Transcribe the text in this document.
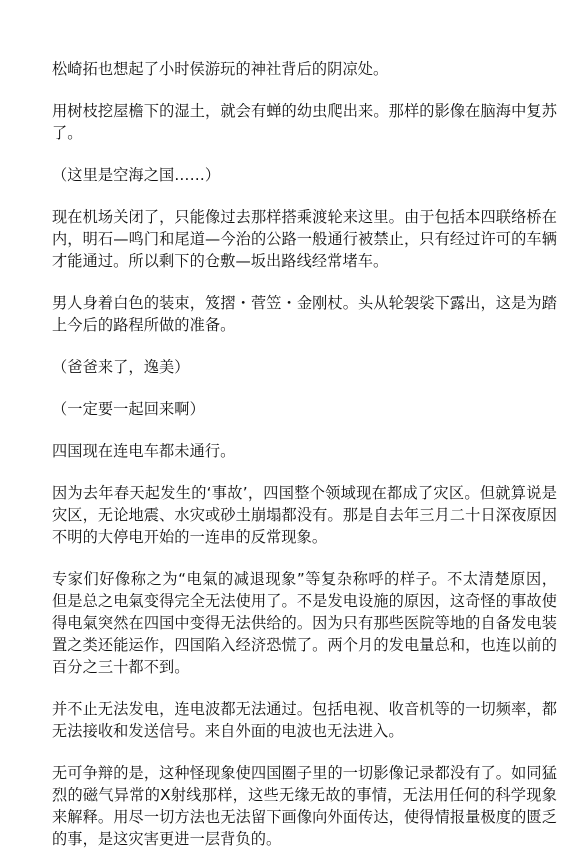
松崎拓也想起了小时侯游玩的神社背后的阴凉处。

用树枝挖屋檐下的湿土，就会有蝉的幼虫爬出来。那样的影像在脑海中复苏了。

（这里是空海之国……）

现在机场关闭了，只能像过去那样搭乘渡轮来这里。由于包括本四联络桥在内，明石—鸣门和尾道—今治的公路一般通行被禁止，只有经过许可的车辆才能通过。所以剩下的仓敷—坂出路线经常堵车。

男人身着白色的装束，笈摺・菅笠・金刚杖。头从轮袈裟下露出，这是为踏上今后的路程所做的准备。

（爸爸来了，逸美）

（一定要一起回来啊）

四国现在连电车都未通行。

因为去年春天起发生的‘事故’，四国整个领域现在都成了灾区。但就算说是灾区，无论地震、水灾或砂土崩塌都没有。那是自去年三月二十日深夜原因不明的大停电开始的一连串的反常现象。

专家们好像称之为“电氣的减退现象”等复杂称呼的样子。不太清楚原因，但是总之电氣变得完全无法使用了。不是发电设施的原因，这奇怪的事故使得电氣突然在四国中变得无法供给的。因为只有那些医院等地的自备发电装置之类还能运作，四国陷入经济恐慌了。两个月的发电量总和，也连以前的百分之三十都不到。

并不止无法发电，连电波都无法通过。包括电视、收音机等的一切频率，都无法接收和发送信号。来自外面的电波也无法进入。

无可争辩的是，这种怪现象使四国圈子里的一切影像记录都没有了。如同猛烈的磁气异常的X射线那样，这些无缘无故的事情，无法用任何的科学现象来解释。用尽一切方法也无法留下画像向外面传达，使得情报量极度的匮乏的事，是这灾害更进一层背负的。
